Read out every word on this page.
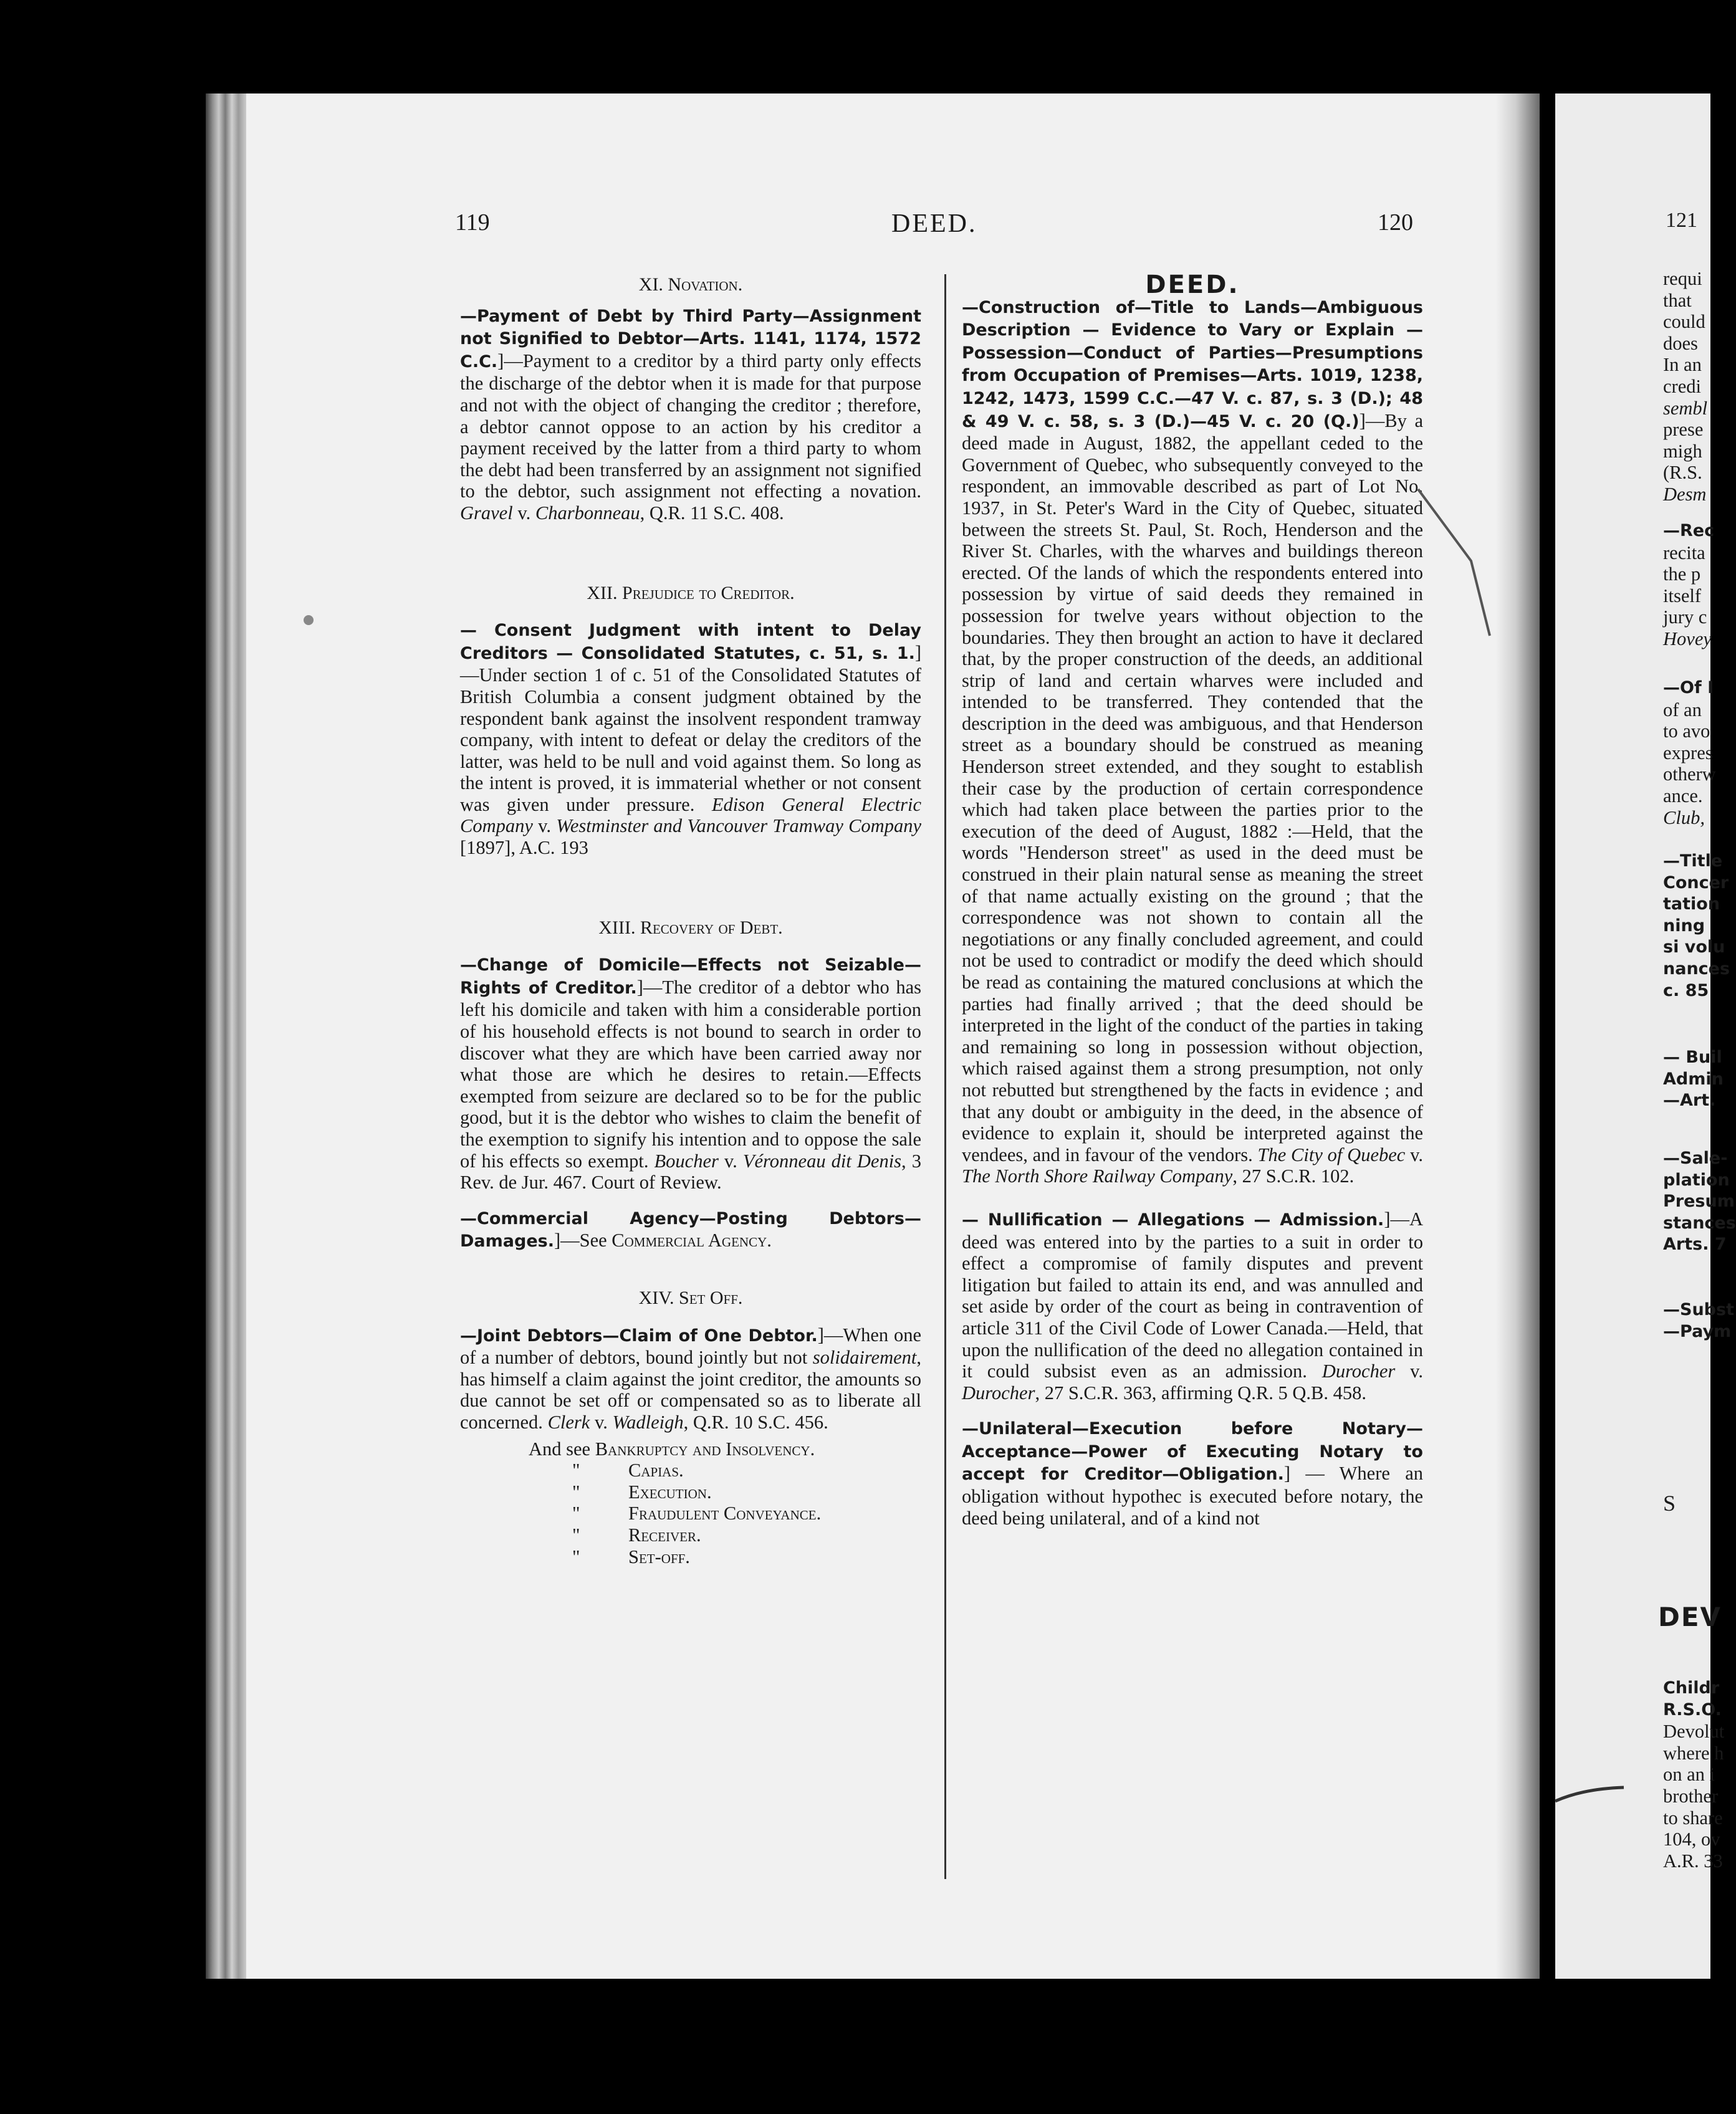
119	DEED.	120

XI. Novation.

—Payment of Debt by Third Party—Assignment not Signified to Debtor—Arts. 1141, 1174, 1572 C.C.]—Payment to a creditor by a third party only effects the discharge of the debtor when it is made for that purpose and not with the object of changing the creditor ; therefore, a debtor cannot oppose to an action by his creditor a payment received by the latter from a third party to whom the debt had been transferred by an assignment not signified to the debtor, such assignment not effecting a novation. Gravel v. Charbonneau, Q.R. 11 S.C. 408.

XII. Prejudice to Creditor.

— Consent Judgment with intent to Delay Creditors — Consolidated Statutes, c. 51, s. 1.]—Under section 1 of c. 51 of the Consolidated Statutes of British Columbia a consent judgment obtained by the respondent bank against the insolvent respondent tramway company, with intent to defeat or delay the creditors of the latter, was held to be null and void against them. So long as the intent is proved, it is immaterial whether or not consent was given under pressure. Edison General Electric Company v. Westminster and Vancouver Tramway Company [1897], A.C. 193

XIII. Recovery of Debt.

—Change of Domicile—Effects not Seizable—Rights of Creditor.]—The creditor of a debtor who has left his domicile and taken with him a considerable portion of his household effects is not bound to search in order to discover what they are which have been carried away nor what those are which he desires to retain.—Effects exempted from seizure are declared so to be for the public good, but it is the debtor who wishes to claim the benefit of the exemption to signify his intention and to oppose the sale of his effects so exempt. Boucher v. Véronneau dit Denis, 3 Rev. de Jur. 467. Court of Review.

—Commercial Agency—Posting Debtors—Damages.]—See Commercial Agency.

XIV. Set Off.

—Joint Debtors—Claim of One Debtor.]—When one of a number of debtors, bound jointly but not solidairement, has himself a claim against the joint creditor, the amounts so due cannot be set off or compensated so as to liberate all concerned. Clerk v. Wadleigh, Q.R. 10 S.C. 456.

And see Bankruptcy and Insolvency.
"	Capias.
"	Execution.
"	Fraudulent Conveyance.
"	Receiver.
"	Set-off.

DEED.

—Construction of—Title to Lands—Ambiguous Description — Evidence to Vary or Explain —Possession—Conduct of Parties—Presumptions from Occupation of Premises—Arts. 1019, 1238, 1242, 1473, 1599 C.C.—47 V. c. 87, s. 3 (D.); 48 & 49 V. c. 58, s. 3 (D.)—45 V. c. 20 (Q.)]—By a deed made in August, 1882, the appellant ceded to the Government of Quebec, who subsequently conveyed to the respondent, an immovable described as part of Lot No. 1937, in St. Peter's Ward in the City of Quebec, situated between the streets St. Paul, St. Roch, Henderson and the River St. Charles, with the wharves and buildings thereon erected. Of the lands of which the respondents entered into possession by virtue of said deeds they remained in possession for twelve years without objection to the boundaries. They then brought an action to have it declared that, by the proper construction of the deeds, an additional strip of land and certain wharves were included and intended to be transferred. They contended that the description in the deed was ambiguous, and that Henderson street as a boundary should be construed as meaning Henderson street extended, and they sought to establish their case by the production of certain correspondence which had taken place between the parties prior to the execution of the deed of August, 1882 :—Held, that the words "Henderson street" as used in the deed must be construed in their plain natural sense as meaning the street of that name actually existing on the ground ; that the correspondence was not shown to contain all the negotiations or any finally concluded agreement, and could not be used to contradict or modify the deed which should be read as containing the matured conclusions at which the parties had finally arrived ; that the deed should be interpreted in the light of the conduct of the parties in taking and remaining so long in possession without objection, which raised against them a strong presumption, not only not rebutted but strengthened by the facts in evidence ; and that any doubt or ambiguity in the deed, in the absence of evidence to explain it, should be interpreted against the vendees, and in favour of the vendors. The City of Quebec v. The North Shore Railway Company, 27 S.C.R. 102.

— Nullification — Allegations — Admission.]—A deed was entered into by the parties to a suit in order to effect a compromise of family disputes and prevent litigation but failed to attain its end, and was annulled and set aside by order of the court as being in contravention of article 311 of the Civil Code of Lower Canada.—Held, that upon the nullification of the deed no allegation contained in it could subsist even as an admission. Durocher v. Durocher, 27 S.C.R. 363, affirming Q.R. 5 Q.B. 458.

—Unilateral—Execution before Notary—Acceptance—Power of Executing Notary to accept for Creditor—Obligation.] — Where an obligation without hypothec is executed before notary, the deed being unilateral, and of a kind not

121
requi
that
could
does
In an
credi
sembl
prese
migh
(R.S.
Desm
—Rec
recita
the p
itself
jury c
Hovey
—Of I
of an
to avo
expres
otherw
ance.
Club,
—Title
Concer
tation
ning
si volu
nances
c. 85
— Buil
Admin
—Art.
—Sale-
plation
Presum
stances
Arts. 7
—Subst
—Paym
S
DEV
Childr
R.S.O.
Devolut
where h
on an i
brother
to share
104, ov
A.R. 33
